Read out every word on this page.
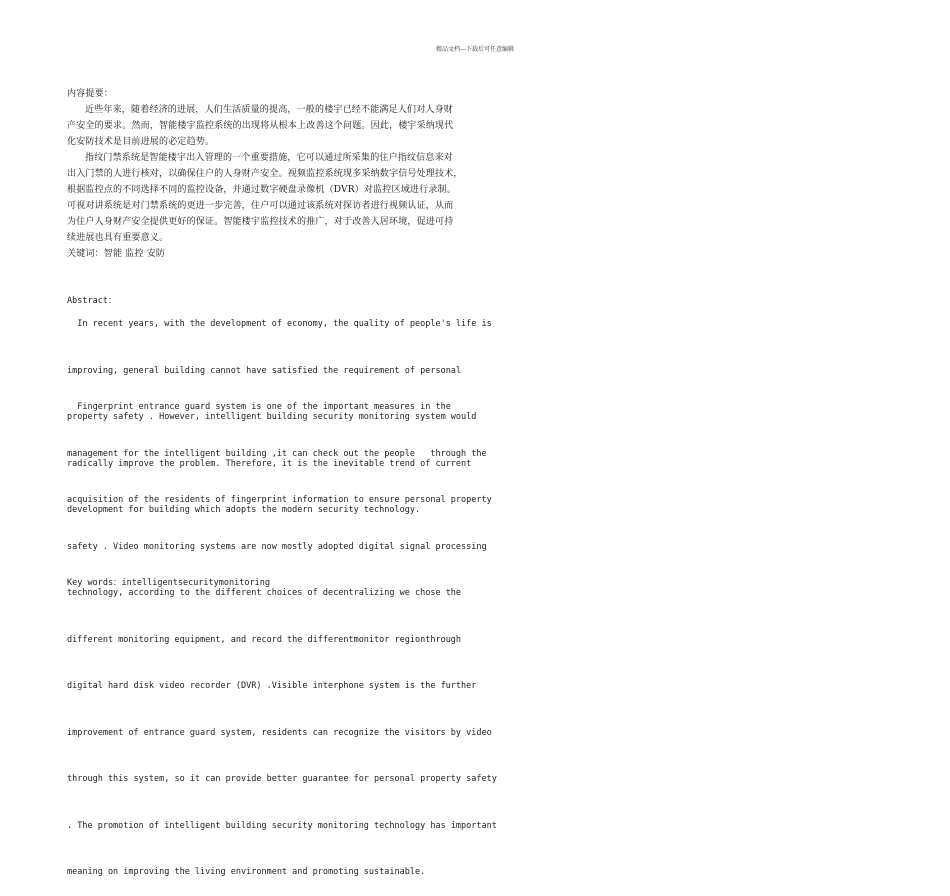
精品文档---下载后可任意编辑

内容提要：

近些年来，随着经济的进展，人们生活质量的提高，一般的楼宇已经不能满足人们对人身财

产安全的要求。然而，智能楼宇监控系统的出现将从根本上改善这个问题。因此，楼宇采纳现代

化安防技术是目前进展的必定趋势。

指纹门禁系统是智能楼宇出入管理的一个重要措施，它可以通过所采集的住户指纹信息来对

出入门禁的人进行核对，以确保住户的人身财产安全。视频监控系统现多采纳数字信号处理技术，

根据监控点的不同选择不同的监控设备，并通过数字硬盘录像机（DVR）对监控区域进行录制。

可视对讲系统是对门禁系统的更进一步完善，住户可以通过该系统对探访者进行视频认证，从而

为住户人身财产安全提供更好的保证。智能楼宇监控技术的推广，对于改善人居环境，促进可持

续进展也具有重要意义。

关键词：智能 监控 安防

Abstract：

In recent years, with the development of economy, the quality of people's life is

improving, general building cannot have satisfied the requirement of personal

property safety . However, intelligent building security monitoring system would

radically improve the problem. Therefore, it is the inevitable trend of current

development for building which adopts the modern security technology.

Fingerprint entrance guard system is one of the important measures in the

management for the intelligent building ,it can check out the people   through the

acquisition of the residents of fingerprint information to ensure personal property

safety . Video monitoring systems are now mostly adopted digital signal processing

technology, according to the different choices of decentralizing we chose the

different monitoring equipment, and record the differentmonitor regionthrough

digital hard disk video recorder (DVR) .Visible interphone system is the further

improvement of entrance guard system, residents can recognize the visitors by video

through this system, so it can provide better guarantee for personal property safety

. The promotion of intelligent building security monitoring technology has important

meaning on improving the living environment and promoting sustainable.

Key words：intelligentsecuritymonitoring
